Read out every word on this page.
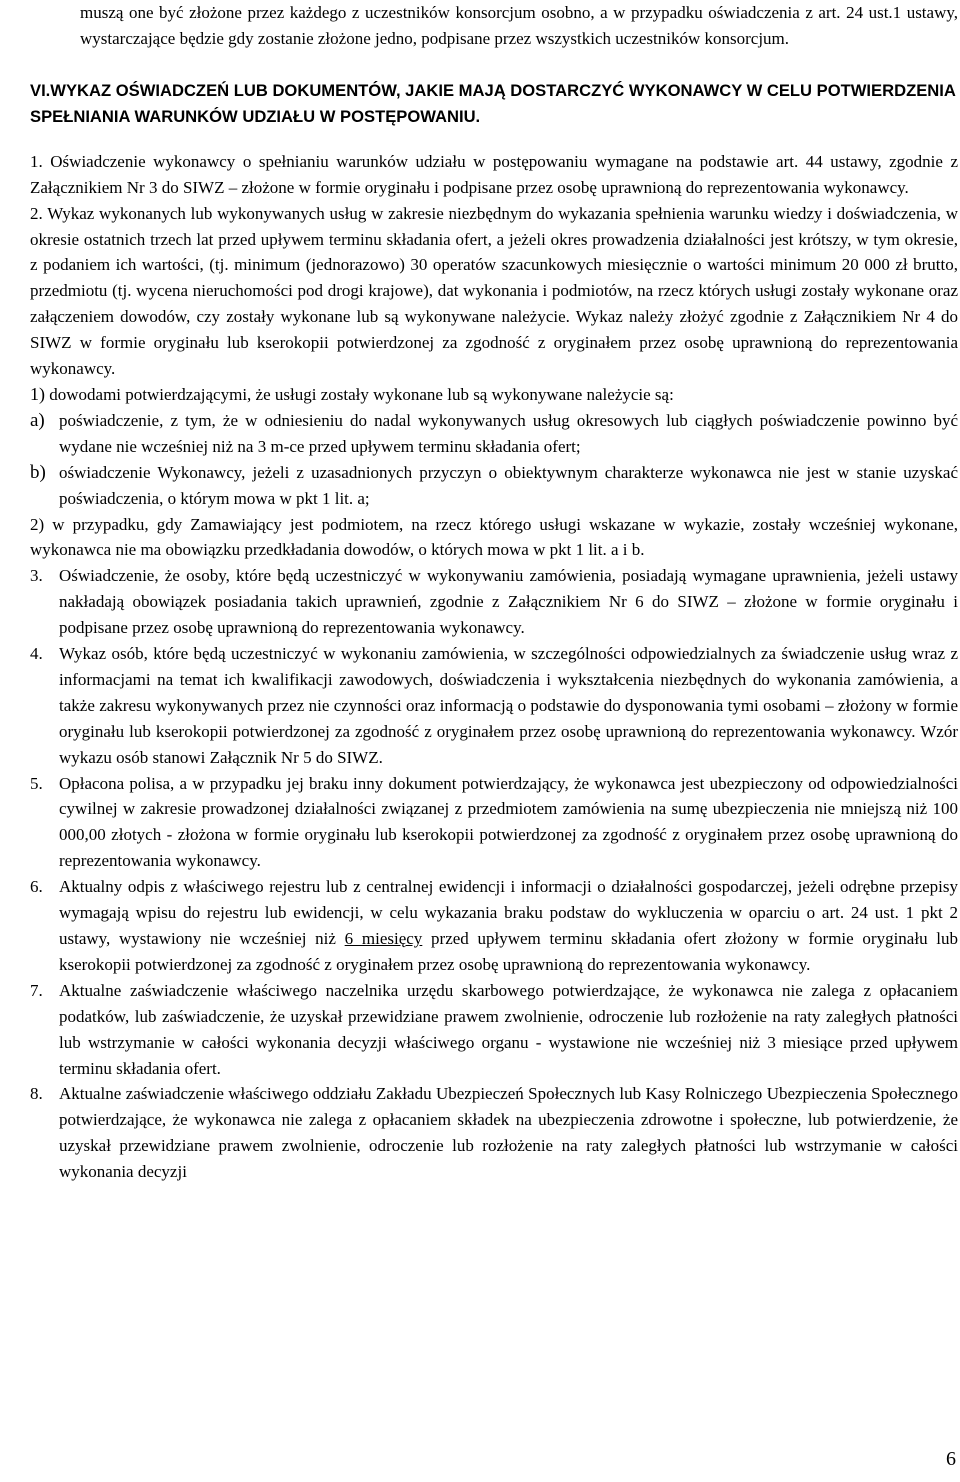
muszą one być złożone przez każdego z uczestników konsorcjum osobno, a w przypadku oświadczenia z art. 24 ust.1 ustawy, wystarczające będzie gdy zostanie złożone jedno, podpisane przez wszystkich uczestników konsorcjum.

VI.WYKAZ OŚWIADCZEŃ LUB DOKUMENTÓW, JAKIE MAJĄ DOSTARCZYĆ WYKONAWCY W CELU POTWIERDZENIA SPEŁNIANIA WARUNKÓW UDZIAŁU W POSTĘPOWANIU.

1. Oświadczenie wykonawcy o spełnianiu warunków udziału w postępowaniu wymagane na podstawie art. 44 ustawy, zgodnie z Załącznikiem Nr 3 do SIWZ – złożone w formie oryginału i podpisane przez osobę uprawnioną do reprezentowania wykonawcy.

2. Wykaz wykonanych lub wykonywanych usług w zakresie niezbędnym do wykazania spełnienia warunku wiedzy i doświadczenia, w okresie ostatnich trzech lat przed upływem terminu składania ofert, a jeżeli okres prowadzenia działalności jest krótszy, w tym okresie, z podaniem ich wartości, (tj. minimum (jednorazowo) 30 operatów szacunkowych miesięcznie o wartości minimum 20 000 zł brutto, przedmiotu (tj. wycena nieruchomości pod drogi krajowe), dat wykonania i podmiotów, na rzecz których usługi zostały wykonane oraz załączeniem dowodów, czy zostały wykonane lub są wykonywane należycie. Wykaz należy złożyć zgodnie z Załącznikiem Nr 4 do SIWZ w formie oryginału lub kserokopii potwierdzonej za zgodność z oryginałem przez osobę uprawnioną do reprezentowania wykonawcy.

1) dowodami potwierdzającymi, że usługi zostały wykonane lub są wykonywane należycie są:

a) poświadczenie, z tym, że w odniesieniu do nadal wykonywanych usług okresowych lub ciągłych poświadczenie powinno być wydane nie wcześniej niż na 3 m-ce przed upływem terminu składania ofert;

b) oświadczenie Wykonawcy, jeżeli z uzasadnionych przyczyn o obiektywnym charakterze wykonawca nie jest w stanie uzyskać poświadczenia, o którym mowa w pkt 1 lit. a;

2) w przypadku, gdy Zamawiający jest podmiotem, na rzecz którego usługi wskazane w wykazie, zostały wcześniej wykonane, wykonawca nie ma obowiązku przedkładania dowodów, o których mowa w pkt 1 lit. a i b.

3. Oświadczenie, że osoby, które będą uczestniczyć w wykonywaniu zamówienia, posiadają wymagane uprawnienia, jeżeli ustawy nakładają obowiązek posiadania takich uprawnień, zgodnie z Załącznikiem Nr 6 do SIWZ – złożone w formie oryginału i podpisane przez osobę uprawnioną do reprezentowania wykonawcy.

4. Wykaz osób, które będą uczestniczyć w wykonaniu zamówienia, w szczególności odpowiedzialnych za świadczenie usług wraz z informacjami na temat ich kwalifikacji zawodowych, doświadczenia i wykształcenia niezbędnych do wykonania zamówienia, a także zakresu wykonywanych przez nie czynności oraz informacją o podstawie do dysponowania tymi osobami – złożony w formie oryginału lub kserokopii potwierdzonej za zgodność z oryginałem przez osobę uprawnioną do reprezentowania wykonawcy. Wzór wykazu osób stanowi Załącznik Nr 5 do SIWZ.

5. Opłacona polisa, a w przypadku jej braku inny dokument potwierdzający, że wykonawca jest ubezpieczony od odpowiedzialności cywilnej w zakresie prowadzonej działalności związanej z przedmiotem zamówienia na sumę ubezpieczenia nie mniejszą niż 100 000,00 złotych - złożona w formie oryginału lub kserokopii potwierdzonej za zgodność z oryginałem przez osobę uprawnioną do reprezentowania wykonawcy.

6. Aktualny odpis z właściwego rejestru lub z centralnej ewidencji i informacji o działalności gospodarczej, jeżeli odrębne przepisy wymagają wpisu do rejestru lub ewidencji, w celu wykazania braku podstaw do wykluczenia w oparciu o art. 24 ust. 1 pkt 2 ustawy, wystawiony nie wcześniej niż 6 miesięcy przed upływem terminu składania ofert złożony w formie oryginału lub kserokopii potwierdzonej za zgodność z oryginałem przez osobę uprawnioną do reprezentowania wykonawcy.

7. Aktualne zaświadczenie właściwego naczelnika urzędu skarbowego potwierdzające, że wykonawca nie zalega z opłacaniem podatków, lub zaświadczenie, że uzyskał przewidziane prawem zwolnienie, odroczenie lub rozłożenie na raty zaległych płatności lub wstrzymanie w całości wykonania decyzji właściwego organu - wystawione nie wcześniej niż 3 miesiące przed upływem terminu składania ofert.

8. Aktualne zaświadczenie właściwego oddziału Zakładu Ubezpieczeń Społecznych lub Kasy Rolniczego Ubezpieczenia Społecznego potwierdzające, że wykonawca nie zalega z opłacaniem składek na ubezpieczenia zdrowotne i społeczne, lub potwierdzenie, że uzyskał przewidziane prawem zwolnienie, odroczenie lub rozłożenie na raty zaległych płatności lub wstrzymanie w całości wykonania decyzji

6
